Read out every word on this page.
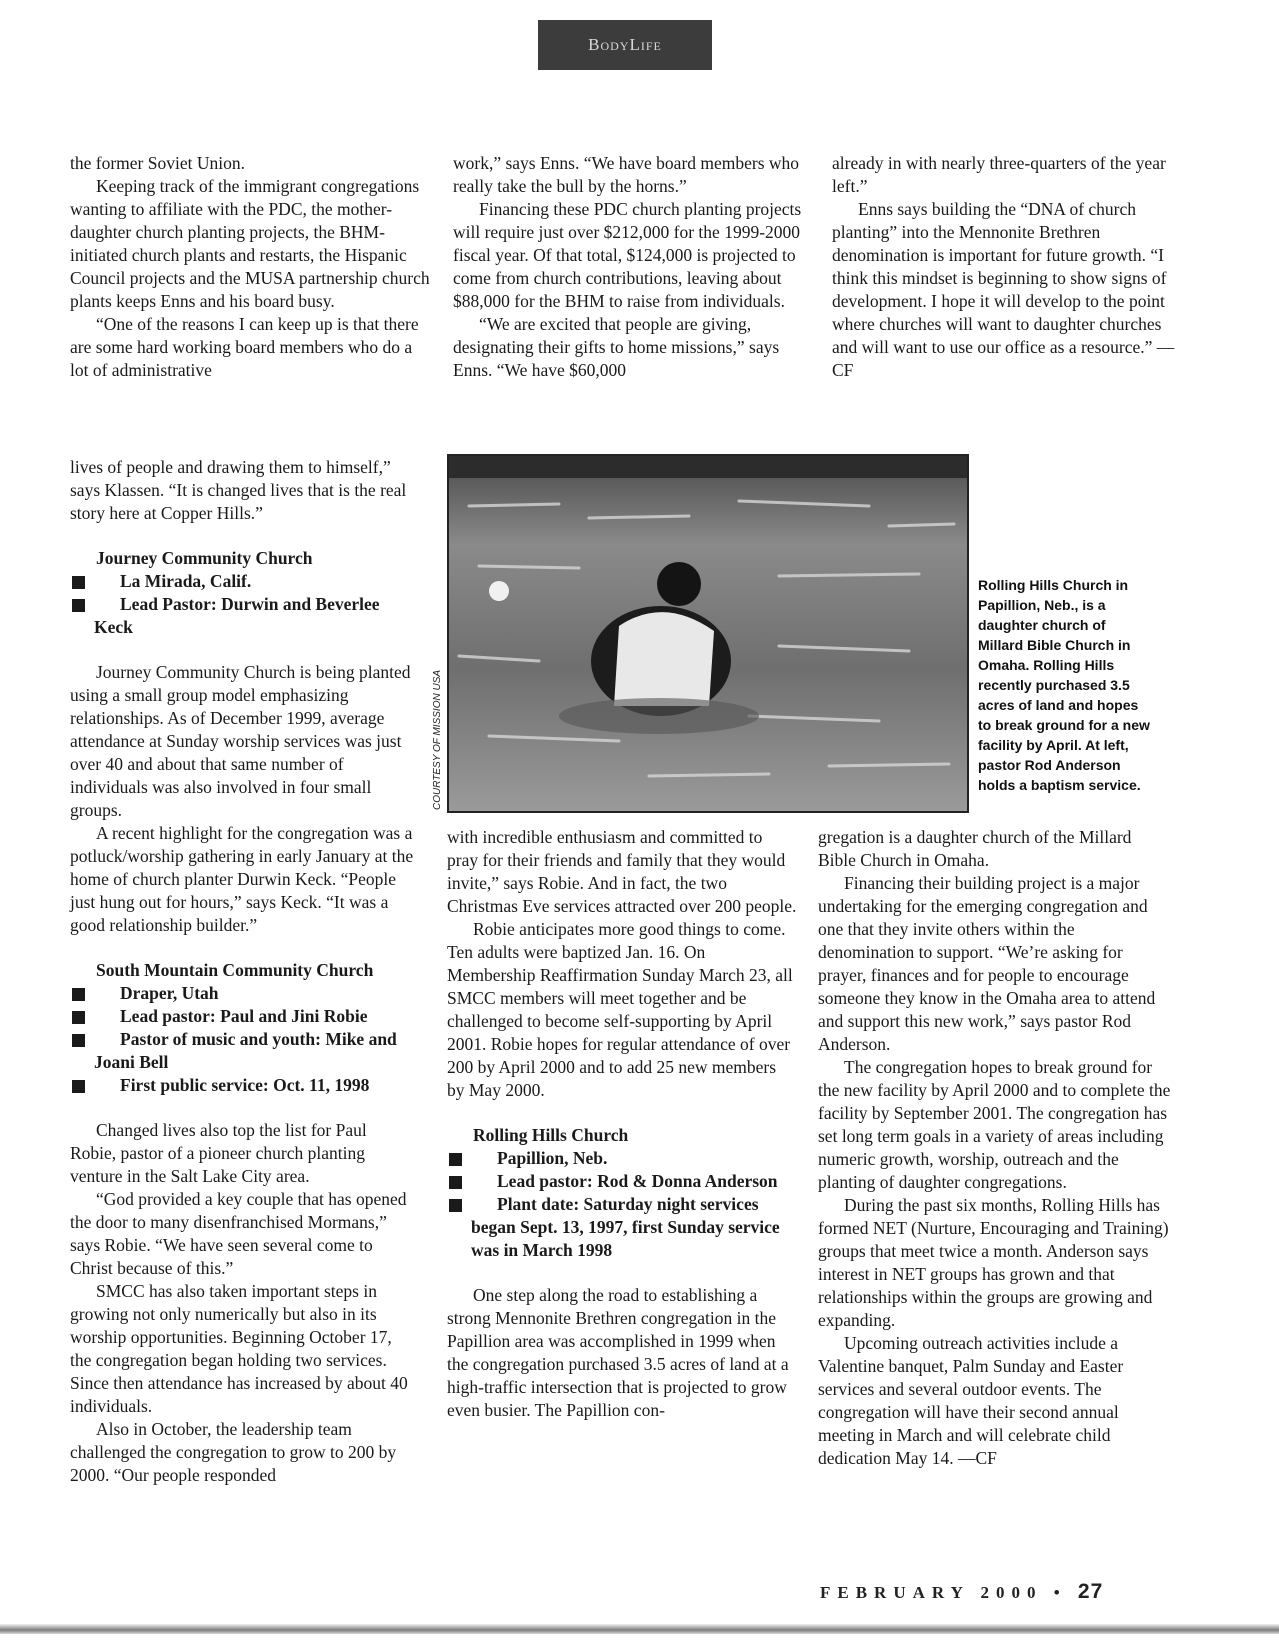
BodyLife

the former Soviet Union.

Keeping track of the immigrant congregations wanting to affiliate with the PDC, the mother-daughter church planting projects, the BHM-initiated church plants and restarts, the Hispanic Council projects and the MUSA partnership church plants keeps Enns and his board busy.

“One of the reasons I can keep up is that there are some hard working board members who do a lot of administrative

work,” says Enns. “We have board members who really take the bull by the horns.”

Financing these PDC church planting projects will require just over $212,000 for the 1999-2000 fiscal year. Of that total, $124,000 is projected to come from church contributions, leaving about $88,000 for the BHM to raise from individuals.

“We are excited that people are giving, designating their gifts to home missions,” says Enns. “We have $60,000

already in with nearly three-quarters of the year left.”

Enns says building the “DNA of church planting” into the Mennonite Brethren denomination is important for future growth. “I think this mindset is beginning to show signs of development. I hope it will develop to the point where churches will want to daughter churches and will want to use our office as a resource.” —CF

lives of people and drawing them to himself,” says Klassen. “It is changed lives that is the real story here at Copper Hills.”

Journey Community Church

La Mirada, Calif.

Lead Pastor: Durwin and Beverlee Keck

Journey Community Church is being planted using a small group model emphasizing relationships. As of December 1999, average attendance at Sunday worship services was just over 40 and about that same number of individuals was also involved in four small groups.

A recent highlight for the congregation was a potluck/worship gathering in early January at the home of church planter Durwin Keck. “People just hung out for hours,” says Keck. “It was a good relationship builder.”

South Mountain Community Church

Draper, Utah

Lead pastor: Paul and Jini Robie

Pastor of music and youth: Mike and Joani Bell

First public service: Oct. 11, 1998

Changed lives also top the list for Paul Robie, pastor of a pioneer church planting venture in the Salt Lake City area.

“God provided a key couple that has opened the door to many disenfranchised Mormans,” says Robie. “We have seen several come to Christ because of this.”

SMCC has also taken important steps in growing not only numerically but also in its worship opportunities. Beginning October 17, the congregation began holding two services. Since then attendance has increased by about 40 individuals.

Also in October, the leadership team challenged the congregation to grow to 200 by 2000. “Our people responded

COURTESY OF MISSION USA
Rolling Hills Church in Papillion, Neb., is a daughter church of Millard Bible Church in Omaha. Rolling Hills recently purchased 3.5 acres of land and hopes to break ground for a new facility by April. At left, pastor Rod Anderson holds a baptism service.

with incredible enthusiasm and committed to pray for their friends and family that they would invite,” says Robie. And in fact, the two Christmas Eve services attracted over 200 people.

Robie anticipates more good things to come. Ten adults were baptized Jan. 16. On Membership Reaffirmation Sunday March 23, all SMCC members will meet together and be challenged to become self-supporting by April 2001. Robie hopes for regular attendance of over 200 by April 2000 and to add 25 new members by May 2000.

Rolling Hills Church

Papillion, Neb.

Lead pastor: Rod & Donna Anderson

Plant date: Saturday night services began Sept. 13, 1997, first Sunday service was in March 1998

One step along the road to establishing a strong Mennonite Brethren congregation in the Papillion area was accomplished in 1999 when the congregation purchased 3.5 acres of land at a high-traffic intersection that is projected to grow even busier. The Papillion con-

gregation is a daughter church of the Millard Bible Church in Omaha.

Financing their building project is a major undertaking for the emerging congregation and one that they invite others within the denomination to support. “We’re asking for prayer, finances and for people to encourage someone they know in the Omaha area to attend and support this new work,” says pastor Rod Anderson.

The congregation hopes to break ground for the new facility by April 2000 and to complete the facility by September 2001. The congregation has set long term goals in a variety of areas including numeric growth, worship, outreach and the planting of daughter congregations.

During the past six months, Rolling Hills has formed NET (Nurture, Encouraging and Training) groups that meet twice a month. Anderson says interest in NET groups has grown and that relationships within the groups are growing and expanding.

Upcoming outreach activities include a Valentine banquet, Palm Sunday and Easter services and several outdoor events. The congregation will have their second annual meeting in March and will celebrate child dedication May 14. —CF

FEBRUARY 2000 • 27
